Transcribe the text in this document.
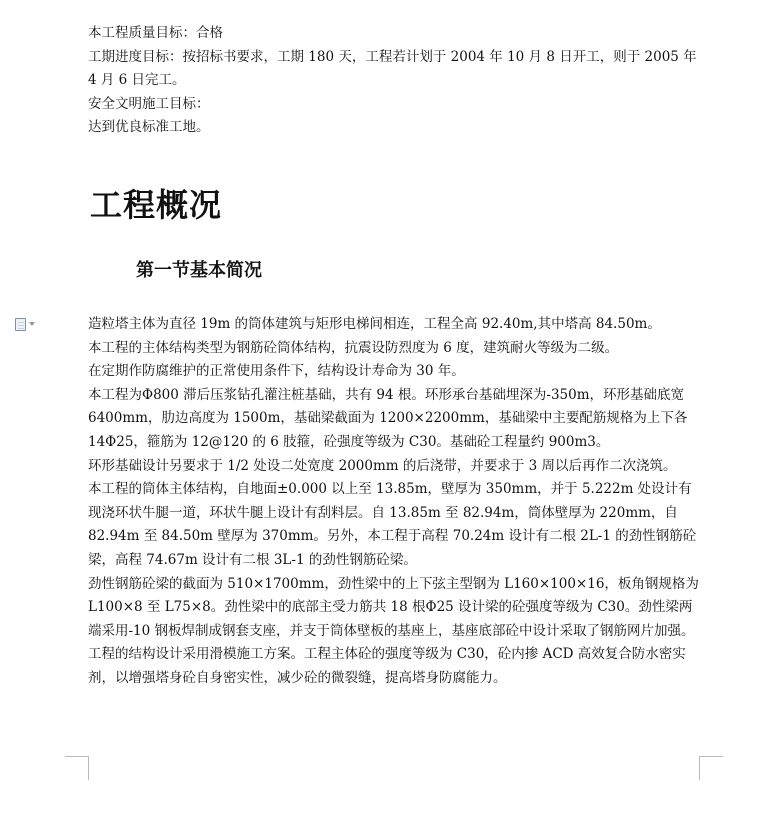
本工程质量目标：合格

工期进度目标：按招标书要求，工期 180 天，工程若计划于 2004 年 10 月 8 日开工，则于 2005 年 4 月 6 日完工。

安全文明施工目标：

达到优良标准工地。

工程概况
第一节基本简况

造粒塔主体为直径 19m 的筒体建筑与矩形电梯间相连，工程全高 92.40m,其中塔高 84.50m。

本工程的主体结构类型为钢筋砼筒体结构，抗震设防烈度为 6 度，建筑耐火等级为二级。

在定期作防腐维护的正常使用条件下，结构设计寿命为 30 年。

本工程为Φ800 滞后压浆钻孔灌注桩基础，共有 94 根。环形承台基础埋深为-350m，环形基础底宽 6400mm，肋边高度为 1500m，基础梁截面为 1200×2200mm，基础梁中主要配筋规格为上下各 14Φ25，箍筋为 12@120 的 6 肢箍，砼强度等级为 C30。基础砼工程量约 900m3。

环形基础设计另要求于 1/2 处设二处宽度 2000mm 的后浇带，并要求于 3 周以后再作二次浇筑。

本工程的筒体主体结构，自地面±0.000 以上至 13.85m，壁厚为 350mm，并于 5.222m 处设计有现浇环状牛腿一道，环状牛腿上设计有刮料层。自 13.85m 至 82.94m，筒体壁厚为 220mm，自 82.94m 至 84.50m 壁厚为 370mm。另外，本工程于高程 70.24m 设计有二根 2L-1 的劲性钢筋砼梁，高程 74.67m 设计有二根 3L-1 的劲性钢筋砼梁。

劲性钢筋砼梁的截面为 510×1700mm，劲性梁中的上下弦主型钢为 L160×100×16，板角钢规格为 L100×8 至 L75×8。劲性梁中的底部主受力筋共 18 根Φ25 设计梁的砼强度等级为 C30。劲性梁两端采用-10 钢板焊制成钢套支座，并支于筒体壁板的基座上，基座底部砼中设计采取了钢筋网片加强。

工程的结构设计采用滑模施工方案。工程主体砼的强度等级为 C30，砼内掺 ACD 高效复合防水密实剂，以增强塔身砼自身密实性，减少砼的微裂缝，提高塔身防腐能力。
